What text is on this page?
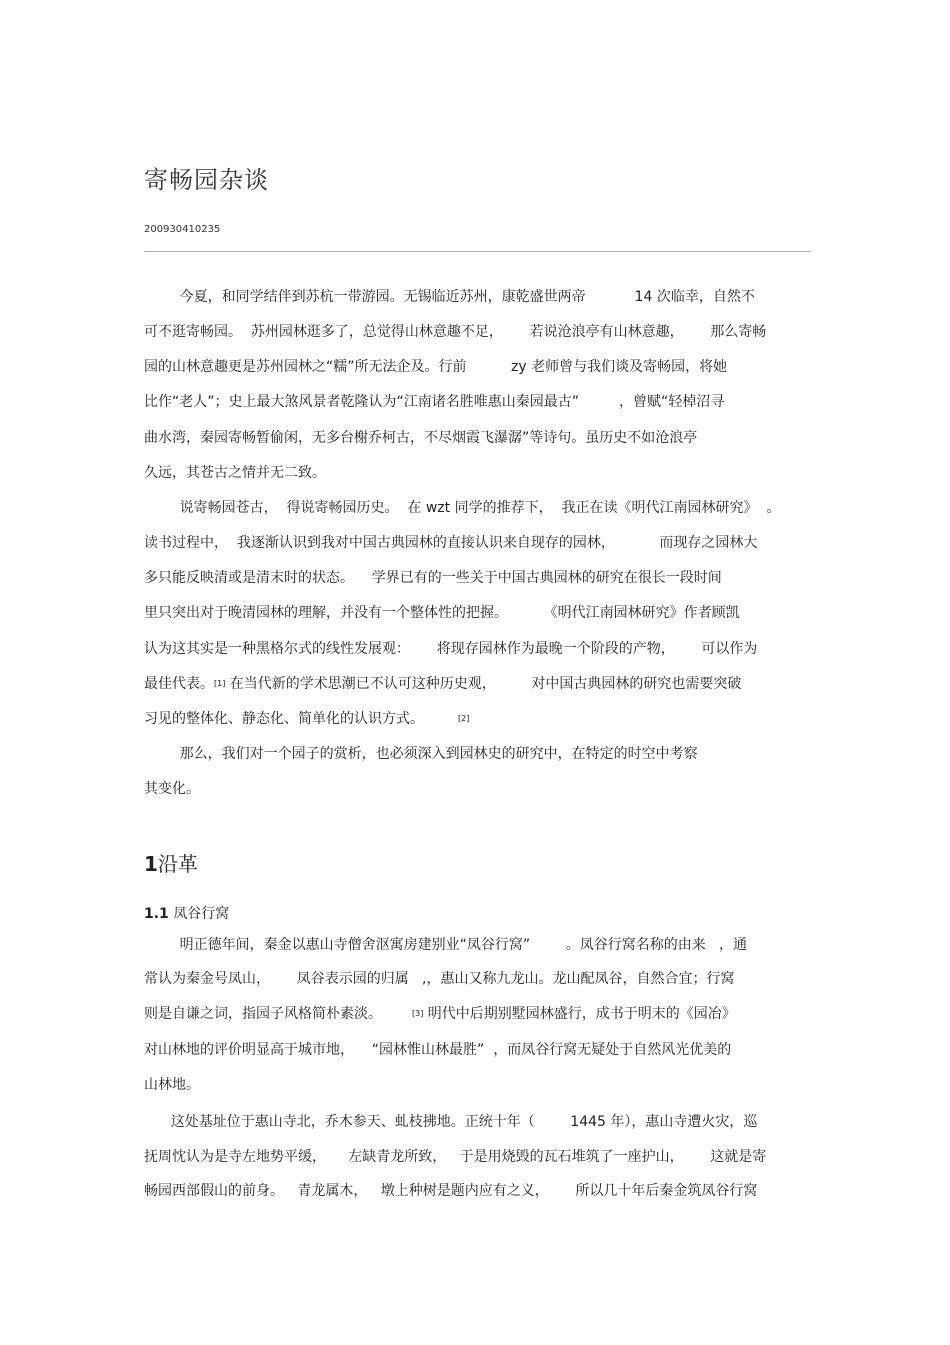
寄畅园杂谈
200930410235
今夏，和同学结伴到苏杭一带游园。无锡临近苏州，康乾盛世两帝           14 次临幸，自然不
可不逛寄畅园。  苏州园林逛多了，总觉得山林意趣不足，      若说沧浪亭有山林意趣，      那么寄畅
园的山林意趣更是苏州园林之“糯”所无法企及。行前          zy 老师曾与我们谈及寄畅园，将她
比作“老人”；史上最大煞风景者乾隆认为“江南诸名胜唯惠山秦园最古”         ，曾赋“轻棹沼寻
曲水湾，秦园寄畅暂偷闲，无多台榭乔柯古，不尽烟霞飞瀑潺”等诗句。虽历史不如沧浪亭
久远，其苍古之情并无二致。
说寄畅园苍古，  得说寄畅园历史。  在 wzt 同学的推荐下，  我正在读《明代江南园林研究》  。
读书过程中，  我逐渐认识到我对中国古典园林的直接认识来自现存的园林，          而现存之园林大
多只能反映清或是清末时的状态。    学界已有的一些关于中国古典园林的研究在很长一段时间
里只突出对于晚清园林的理解，并没有一个整体性的把握。        《明代江南园林研究》作者顾凯
认为这其实是一种黑格尔式的线性发展观：      将现存园林作为最晚一个阶段的产物，      可以作为
最佳代表。[1] 在当代新的学术思潮已不认可这种历史观，        对中国古典园林的研究也需要突破
习见的整体化、静态化、简单化的认识方式。	[2]
那么，我们对一个园子的赏析，也必须深入到园林史的研究中，在特定的时空中考察
其变化。
1沿革
1.1 凤谷行窝
明正德年间，秦金以惠山寺僧舍沤寓房建别业“凤谷行窝”        。凤谷行窝名称的由来   ，通
常认为秦金号凤山，      凤谷表示园的归属   ,，惠山又称九龙山。龙山配凤谷，自然合宜；行窝
则是自谦之词，指园子风格简朴素淡。	[3] 明代中后期别墅园林盛行，成书于明末的《园冶》
对山林地的评价明显高于城市地，    “园林惟山林最胜”  ，而凤谷行窝无疑处于自然风光优美的
山林地。
这处基址位于惠山寺北，乔木参天、虬枝拂地。正统十年（        1445 年），惠山寺遭火灾，巡
抚周忱认为是寺左地势平缓，     左缺青龙所致，   于是用烧毁的瓦石堆筑了一座护山，      这就是寄
畅园西部假山的前身。   青龙属木，   墩上种树是题内应有之义，      所以几十年后秦金筑凤谷行窝
